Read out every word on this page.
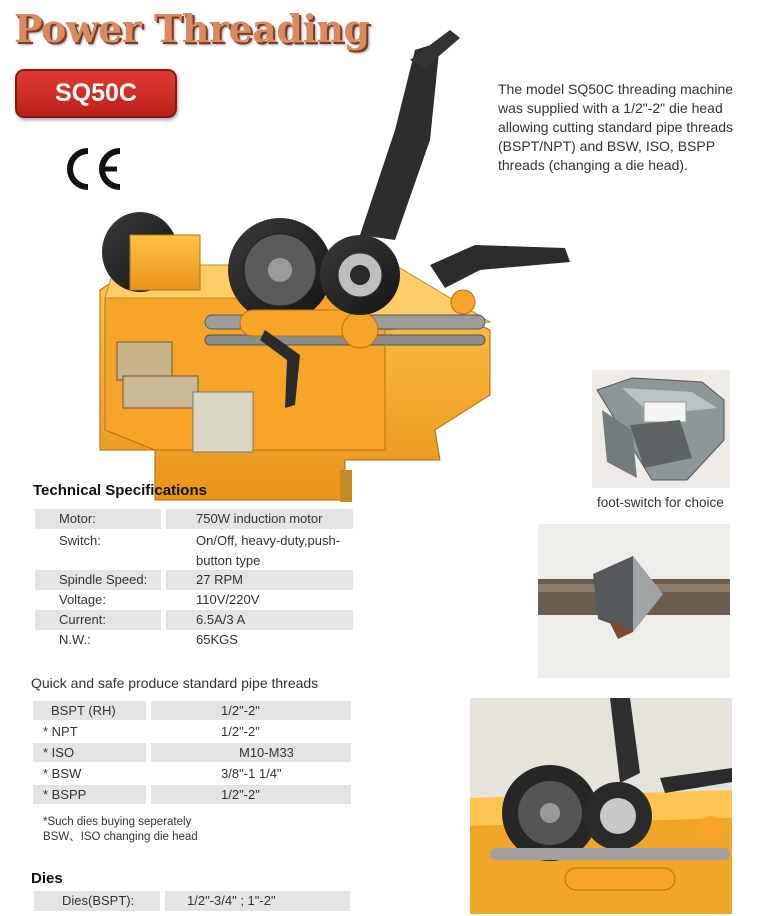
Power Threading
SQ50C	The model SQ50C threading machine was supplied with a 1/2"-2" die head allowing cutting standard pipe threads (BSPT/NPT) and BSW, ISO, BSPP threads (changing a die head).
Technical Specifications
Motor:	750W induction motor
Switch:	On/Off, heavy-duty,push-button type
Spindle Speed:	27 RPM
Voltage:	110V/220V
Current:	6.5A/3 A
N.W.:	65KGS
Quick and safe produce standard pipe threads
BSPT (RH)	1/2"-2"
* NPT	1/2"-2"
* ISO	M10-M33
* BSW	3/8"-1 1/4"
* BSPP	1/2"-2"
*Such dies buying seperately
BSW、ISO changing die head
Dies
Dies(BSPT):	1/2"-3/4" ; 1"-2"
foot-switch for choice
